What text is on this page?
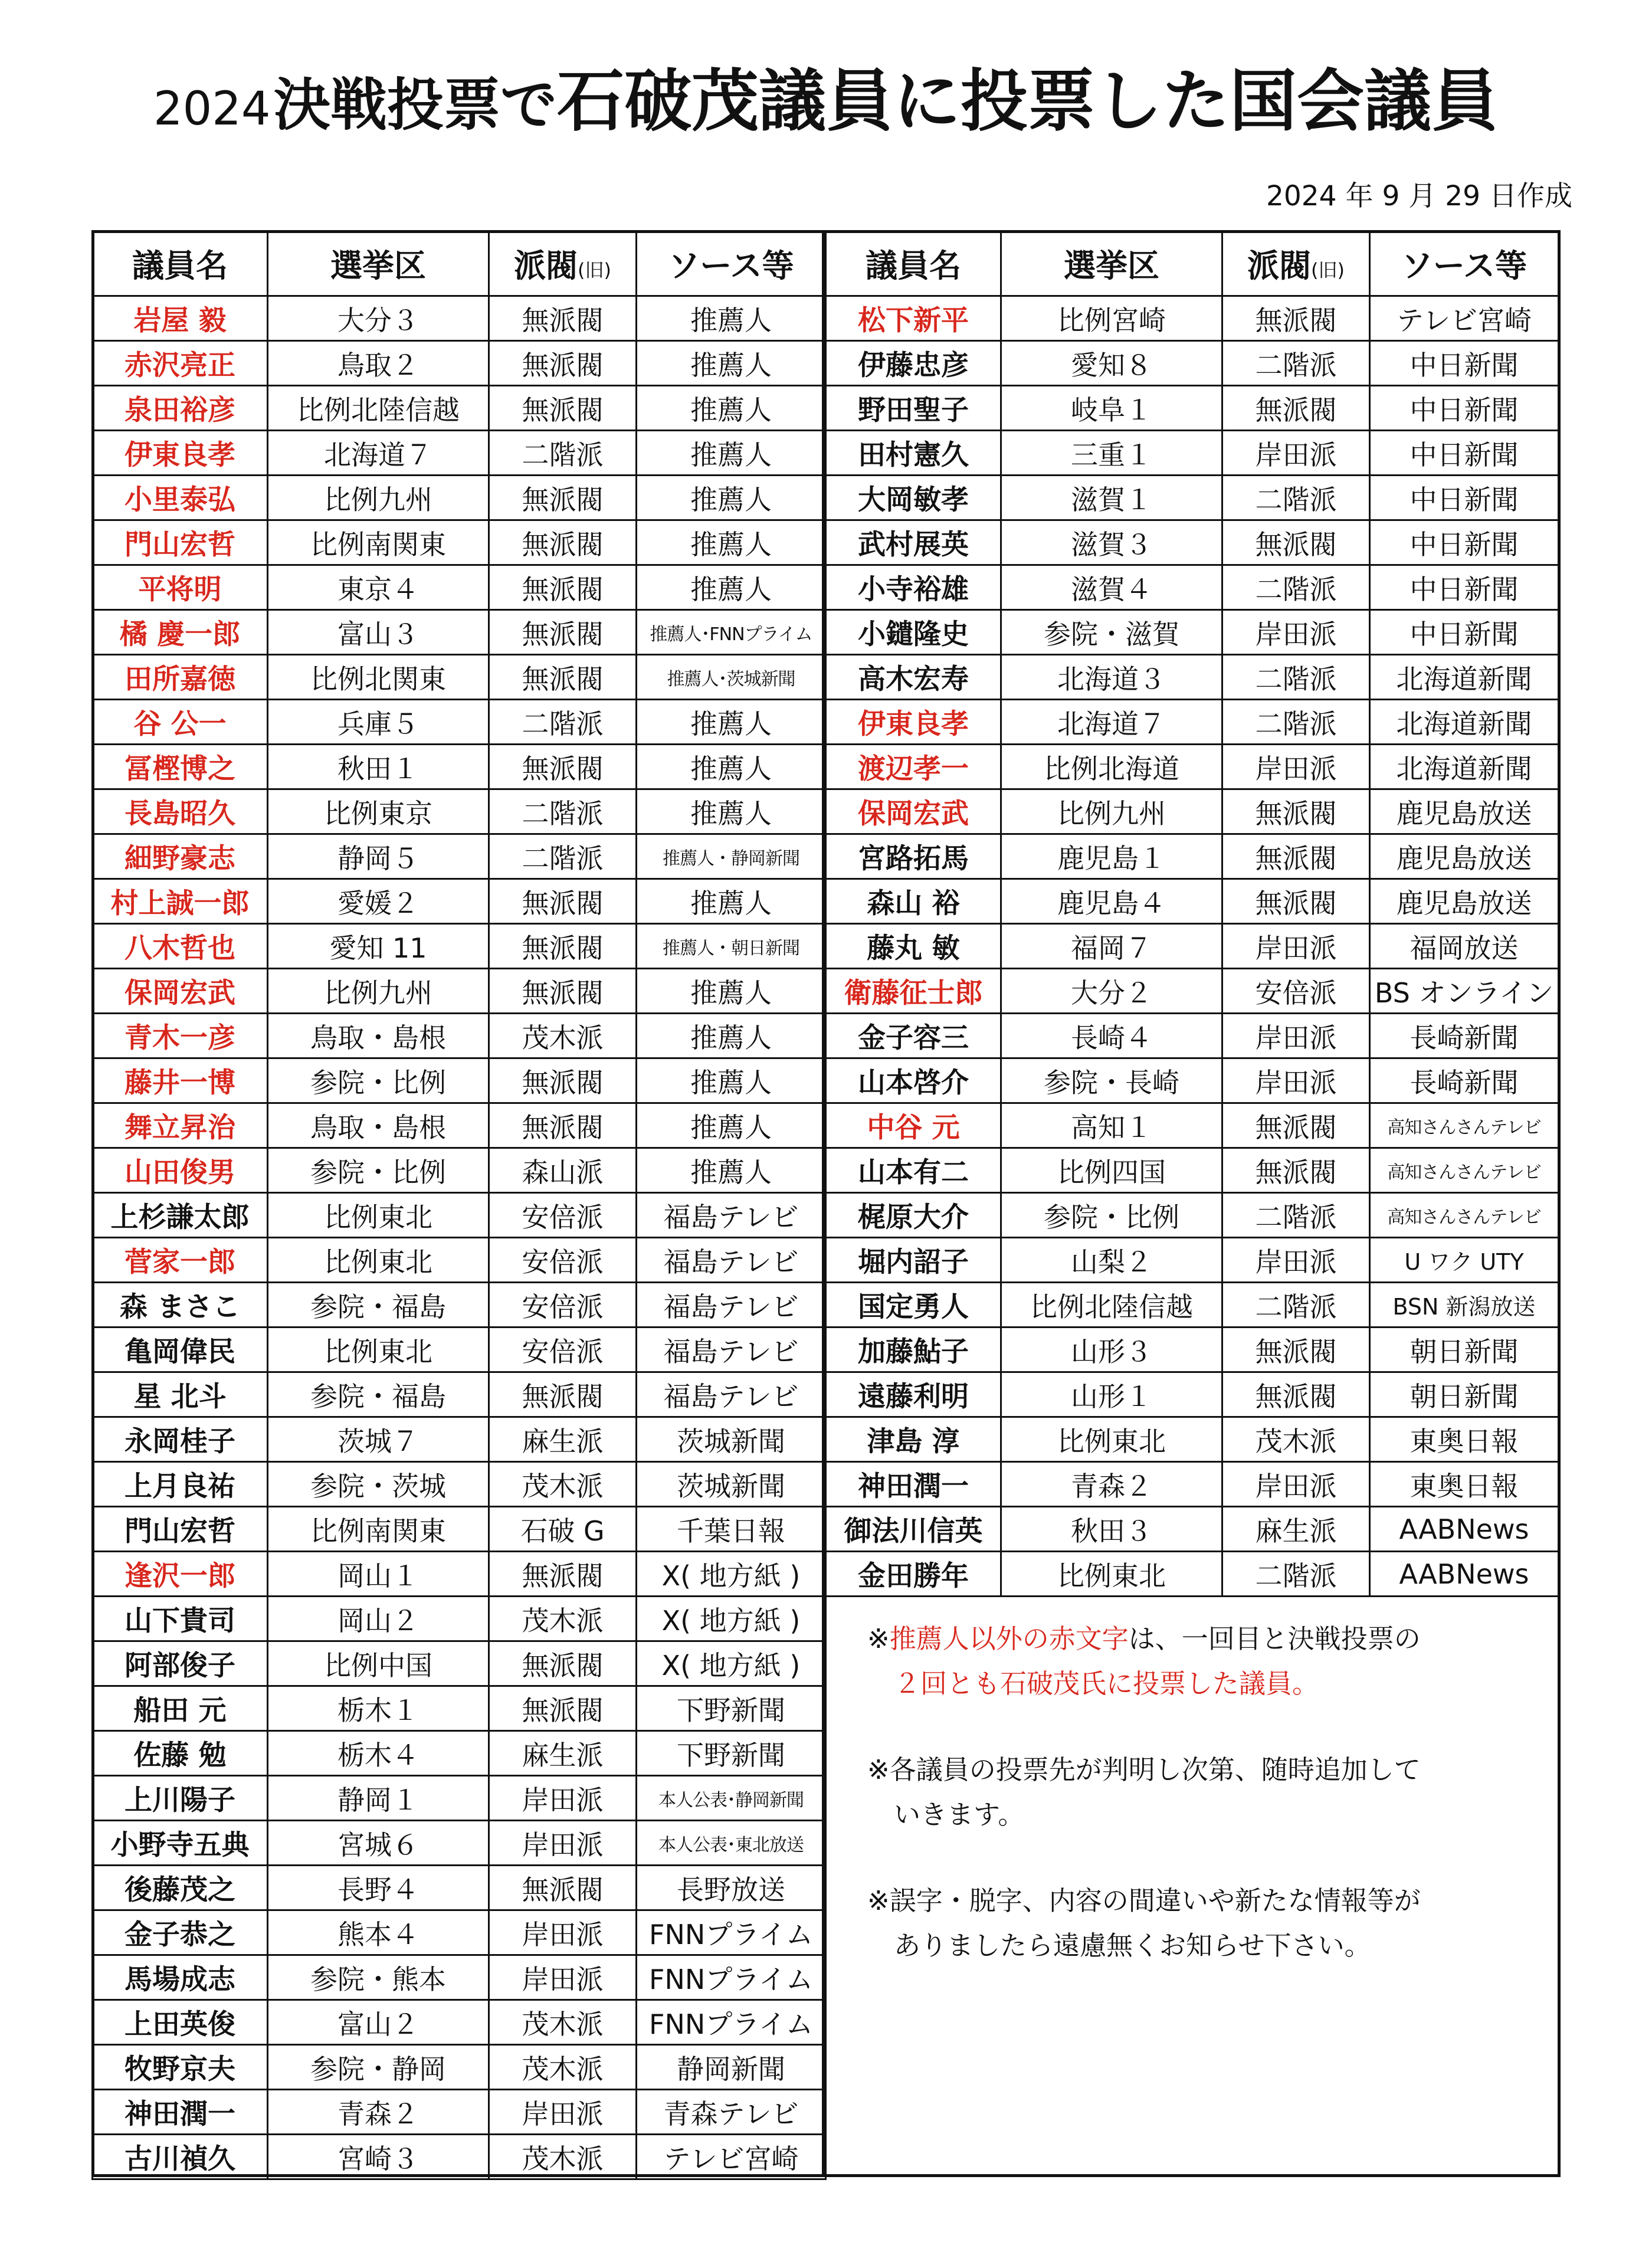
2024 決戦投票で石破茂議員に投票した国会議員
2024 年 9 月 29 日作成
議員名	選挙区	派閥(旧)	ソース等
岩屋 毅	大分３	無派閥	推薦人
赤沢亮正	鳥取２	無派閥	推薦人
泉田裕彦	比例北陸信越	無派閥	推薦人
伊東良孝	北海道７	二階派	推薦人
小里泰弘	比例九州	無派閥	推薦人
門山宏哲	比例南関東	無派閥	推薦人
平将明	東京４	無派閥	推薦人
橘 慶一郎	富山３	無派閥	推薦人･FNNプライム
田所嘉徳	比例北関東	無派閥	推薦人･茨城新聞
谷 公一	兵庫５	二階派	推薦人
冨樫博之	秋田１	無派閥	推薦人
長島昭久	比例東京	二階派	推薦人
細野豪志	静岡５	二階派	推薦人・静岡新聞
村上誠一郎	愛媛２	無派閥	推薦人
八木哲也	愛知 11	無派閥	推薦人・朝日新聞
保岡宏武	比例九州	無派閥	推薦人
青木一彦	鳥取・島根	茂木派	推薦人
藤井一博	参院・比例	無派閥	推薦人
舞立昇治	鳥取・島根	無派閥	推薦人
山田俊男	参院・比例	森山派	推薦人
上杉謙太郎	比例東北	安倍派	福島テレビ
菅家一郎	比例東北	安倍派	福島テレビ
森 まさこ	参院・福島	安倍派	福島テレビ
亀岡偉民	比例東北	安倍派	福島テレビ
星 北斗	参院・福島	無派閥	福島テレビ
永岡桂子	茨城７	麻生派	茨城新聞
上月良祐	参院・茨城	茂木派	茨城新聞
門山宏哲	比例南関東	石破 G	千葉日報
逢沢一郎	岡山１	無派閥	X( 地方紙 )
山下貴司	岡山２	茂木派	X( 地方紙 )
阿部俊子	比例中国	無派閥	X( 地方紙 )
船田 元	栃木１	無派閥	下野新聞
佐藤 勉	栃木４	麻生派	下野新聞
上川陽子	静岡１	岸田派	本人公表･静岡新聞
小野寺五典	宮城６	岸田派	本人公表･東北放送
後藤茂之	長野４	無派閥	長野放送
金子恭之	熊本４	岸田派	FNNプライム
馬場成志	参院・熊本	岸田派	FNNプライム
上田英俊	富山２	茂木派	FNNプライム
牧野京夫	参院・静岡	茂木派	静岡新聞
神田潤一	青森２	岸田派	青森テレビ
古川禎久	宮崎３	茂木派	テレビ宮崎
議員名	選挙区	派閥(旧)	ソース等
松下新平	比例宮崎	無派閥	テレビ宮崎
伊藤忠彦	愛知８	二階派	中日新聞
野田聖子	岐阜１	無派閥	中日新聞
田村憲久	三重１	岸田派	中日新聞
大岡敏孝	滋賀１	二階派	中日新聞
武村展英	滋賀３	無派閥	中日新聞
小寺裕雄	滋賀４	二階派	中日新聞
小鑓隆史	参院・滋賀	岸田派	中日新聞
高木宏寿	北海道３	二階派	北海道新聞
伊東良孝	北海道７	二階派	北海道新聞
渡辺孝一	比例北海道	岸田派	北海道新聞
保岡宏武	比例九州	無派閥	鹿児島放送
宮路拓馬	鹿児島１	無派閥	鹿児島放送
森山 裕	鹿児島４	無派閥	鹿児島放送
藤丸 敏	福岡７	岸田派	福岡放送
衛藤征士郎	大分２	安倍派	BS オンライン
金子容三	長崎４	岸田派	長崎新聞
山本啓介	参院・長崎	岸田派	長崎新聞
中谷 元	高知１	無派閥	高知さんさんテレビ
山本有二	比例四国	無派閥	高知さんさんテレビ
梶原大介	参院・比例	二階派	高知さんさんテレビ
堀内詔子	山梨２	岸田派	U ワク UTY
国定勇人	比例北陸信越	二階派	BSN 新潟放送
加藤鮎子	山形３	無派閥	朝日新聞
遠藤利明	山形１	無派閥	朝日新聞
津島 淳	比例東北	茂木派	東奥日報
神田潤一	青森２	岸田派	東奥日報
御法川信英	秋田３	麻生派	AABNews
金田勝年	比例東北	二階派	AABNews

※推薦人以外の赤文字は、一回目と決戦投票の
２回とも石破茂氏に投票した議員。

※各議員の投票先が判明し次第、随時追加して
いきます。

※誤字・脱字、内容の間違いや新たな情報等が
ありましたら遠慮無くお知らせ下さい。
